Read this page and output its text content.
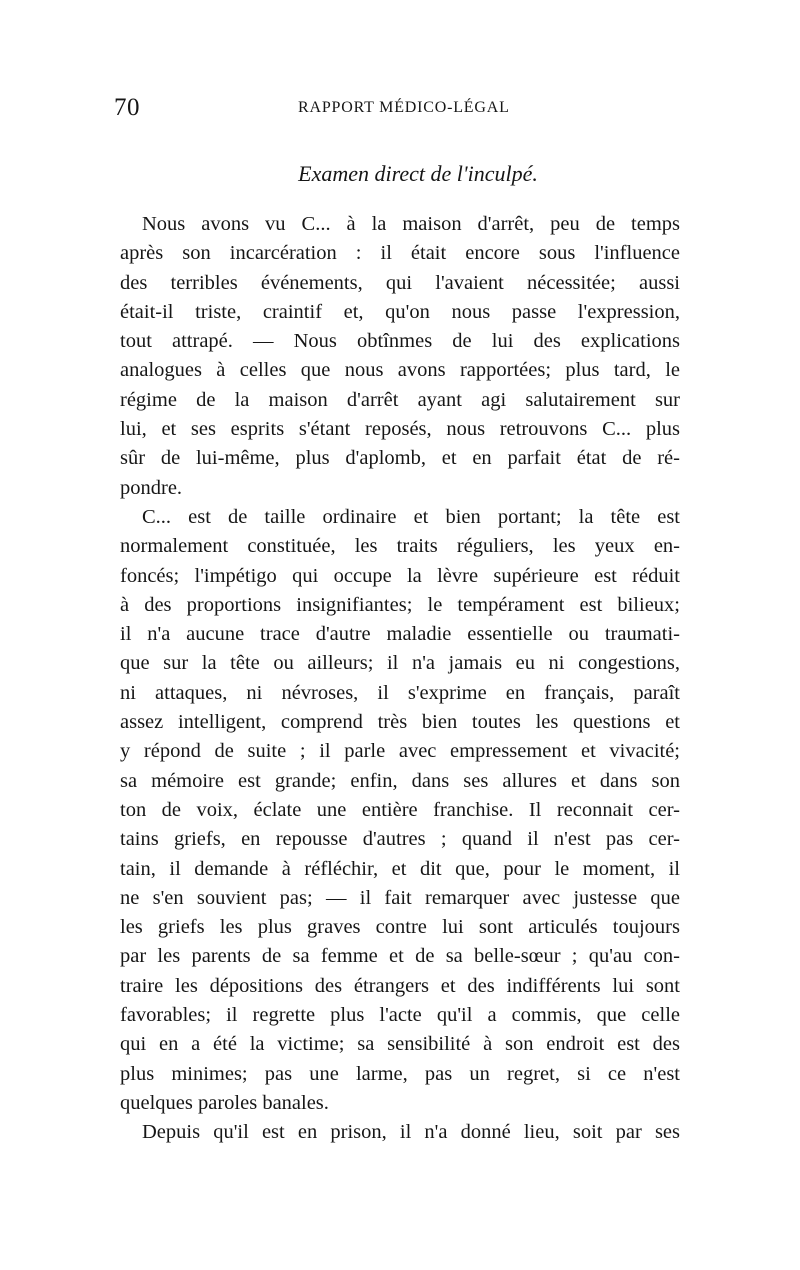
70	RAPPORT MÉDICO-LÉGAL
Examen direct de l'inculpé.
Nous avons vu C... à la maison d'arrêt, peu de temps
après son incarcération : il était encore sous l'influence
des terribles événements, qui l'avaient nécessitée; aussi
était-il triste, craintif et, qu'on nous passe l'expression,
tout attrapé. — Nous obtînmes de lui des explications
analogues à celles que nous avons rapportées; plus tard, le
régime de la maison d'arrêt ayant agi salutairement sur
lui, et ses esprits s'étant reposés, nous retrouvons C... plus
sûr de lui-même, plus d'aplomb, et en parfait état de ré-
pondre.
C... est de taille ordinaire et bien portant; la tête est
normalement constituée, les traits réguliers, les yeux en-
foncés; l'impétigo qui occupe la lèvre supérieure est réduit
à des proportions insignifiantes; le tempérament est bilieux;
il n'a aucune trace d'autre maladie essentielle ou traumati-
que sur la tête ou ailleurs; il n'a jamais eu ni congestions,
ni attaques, ni névroses, il s'exprime en français, paraît
assez intelligent, comprend très bien toutes les questions et
y répond de suite ; il parle avec empressement et vivacité;
sa mémoire est grande; enfin, dans ses allures et dans son
ton de voix, éclate une entière franchise. Il reconnait cer-
tains griefs, en repousse d'autres ; quand il n'est pas cer-
tain, il demande à réfléchir, et dit que, pour le moment, il
ne s'en souvient pas; — il fait remarquer avec justesse que
les griefs les plus graves contre lui sont articulés toujours
par les parents de sa femme et de sa belle-sœur ; qu'au con-
traire les dépositions des étrangers et des indifférents lui sont
favorables; il regrette plus l'acte qu'il a commis, que celle
qui en a été la victime; sa sensibilité à son endroit est des
plus minimes; pas une larme, pas un regret, si ce n'est
quelques paroles banales.
Depuis qu'il est en prison, il n'a donné lieu, soit par ses
